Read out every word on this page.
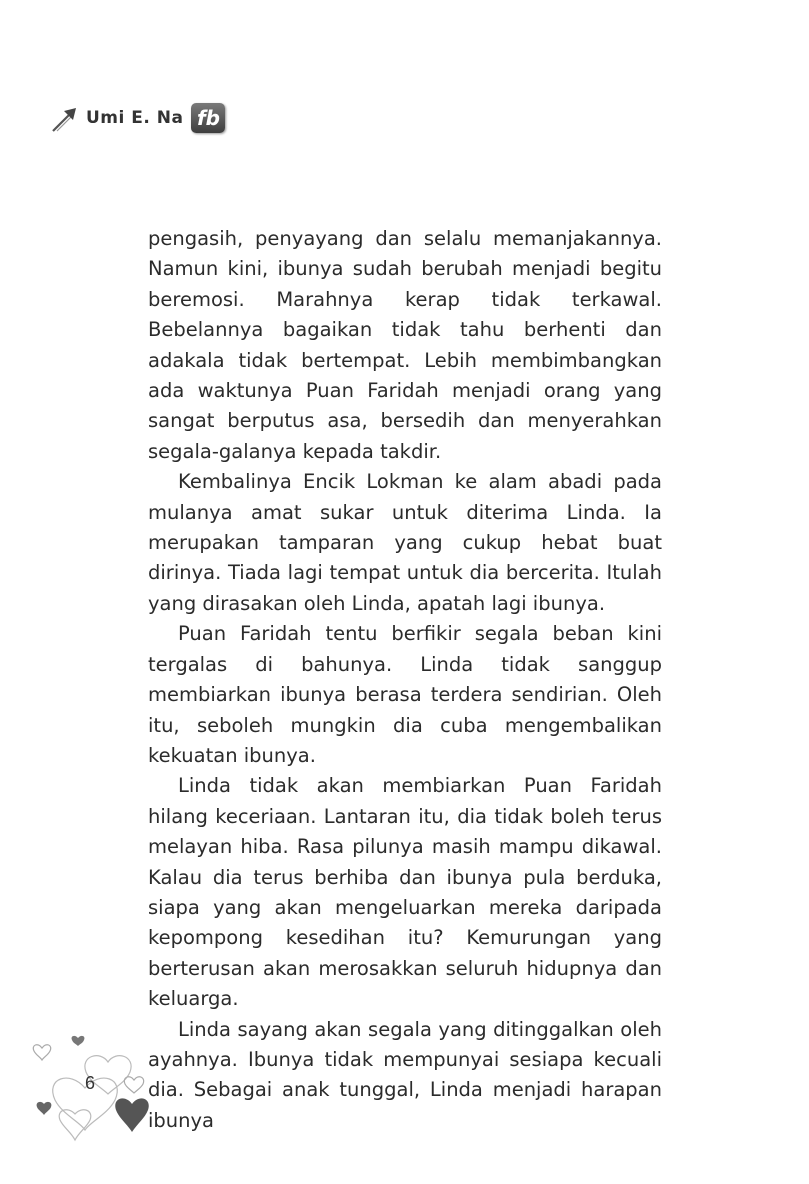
Umi E. Na fb

pengasih, penyayang dan selalu memanjakannya. Namun kini, ibunya sudah berubah menjadi begitu beremosi. Marahnya kerap tidak terkawal. Bebelannya bagaikan tidak tahu berhenti dan adakala tidak bertempat. Lebih membimbangkan ada waktunya Puan Faridah menjadi orang yang sangat berputus asa, bersedih dan menyerahkan segala-galanya kepada takdir.

Kembalinya Encik Lokman ke alam abadi pada mulanya amat sukar untuk diterima Linda. Ia merupakan tamparan yang cukup hebat buat dirinya. Tiada lagi tempat untuk dia bercerita. Itulah yang dirasakan oleh Linda, apatah lagi ibunya.

Puan Faridah tentu berfikir segala beban kini tergalas di bahunya. Linda tidak sanggup membiarkan ibunya berasa terdera sendirian. Oleh itu, seboleh mungkin dia cuba mengembalikan kekuatan ibunya.

Linda tidak akan membiarkan Puan Faridah hilang keceriaan. Lantaran itu, dia tidak boleh terus melayan hiba. Rasa pilunya masih mampu dikawal. Kalau dia terus berhiba dan ibunya pula berduka, siapa yang akan mengeluarkan mereka daripada kepompong kesedihan itu? Kemurungan yang berterusan akan merosakkan seluruh hidupnya dan keluarga.

Linda sayang akan segala yang ditinggalkan oleh ayahnya. Ibunya tidak mempunyai sesiapa kecuali dia. Sebagai anak tunggal, Linda menjadi harapan ibunya

6
